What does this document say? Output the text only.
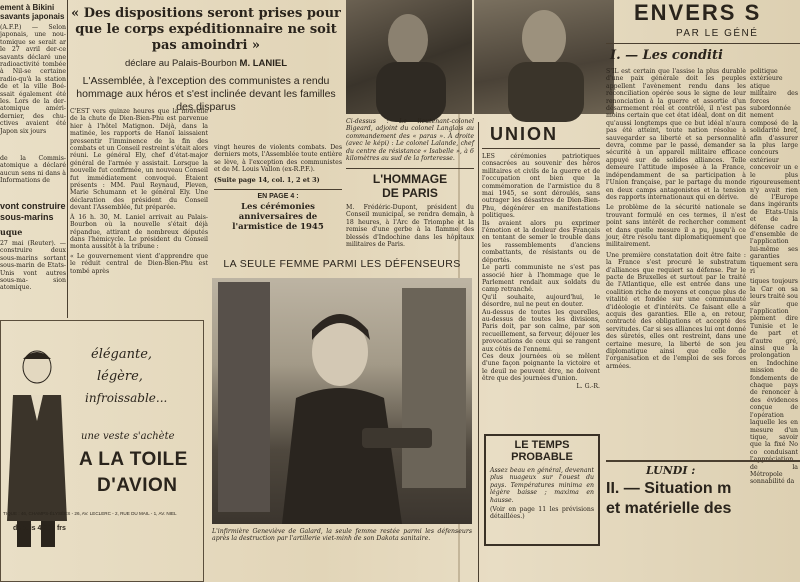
ement à Bikini
savants japonais
(A.F.P.) — Selon japonais, une nou-tomique se serait ar le 27 avril der-ce savants déclaré une radioactivité tombée à Nil-se certaine radio-qu'à la station de et la ville Boé-ssait également été les. Lors de la der-atomique améri-dernier, des chu-ctives avaient été Japon six jours
de la Commis-atomique a déclaré aucun sens ni dans à Informations de
vont construire sous-marins
uque
27 mai (Reuter). — construire deux sous-marins sortant sous-marin de Etats-Unis vont autres sous-ma- sion atomique.
« Des dispositions seront prises pour que le corps expéditionnaire ne soit pas amoindri »
déclare au Palais-Bourbon M. LANIEL
L'Assemblée, à l'exception des communistes a rendu hommage aux héros et s'est inclinée devant les familles des disparus
C'EST vers quinze heures que la nouvelle de la chute de Dien-Bien-Phu est parvenue hier à l'hôtel Matignon. Déjà, dans la matinée, les rapports de Hanoï laissaient pressentir l'imminence de la fin des combats et un Conseil restreint s'était alors réuni. Le général Ely, chef d'état-major général de l'armée y assistait. Lorsque la nouvelle fut confirmée, un nouveau Conseil fut immédiatement convoqué. Étaient présents : MM. Paul Reynaud, Pleven, Marie Schumann et le général Ely. Une déclaration des président du Conseil devant l'Assemblée, fut préparée.
À 16 h. 30, M. Laniel arrivait au Palais-Bourbon où la nouvelle s'était déjà répandue, attirant de nombreux députés dans l'hémicycle. Le président du Conseil monta aussitôt à la tribune :
« Le gouvernement vient d'apprendre que le réduit central de Dien-Bien-Phu est tombé après
vingt heures de violents combats. Des derniers mots, l'Assemblée toute entière se lève, à l'exception des communistes et de M. Louis Vallon (ex-R.P.F.).
(Suite page 14, col. 1, 2 et 3)
EN PAGE 4 :
Les cérémonies anniversaires de l'armistice de 1945
Ci-dessus : Le lieutenant-colonel Bigeard, adjoint du colonel Langlais au commandement des « paras ». À droite (avec le képi) : Le colonel Lalande, chef du centre de résistance « Isabelle », à 6 kilomètres au sud de la forteresse.
L'HOMMAGE
DE PARIS
M. Frédéric-Dupont, président du Conseil municipal, se rendra demain, à 18 heures, à l'Arc de Triomphe et la remise d'une gerbe à la flamme des blessés d'Indochine dans les hôpitaux militaires de Paris.
LA SEULE FEMME PARMI LES DÉFENSEURS
L'infirmière Geneviève de Galard, la seule femme restée parmi les défenseurs après la destruction par l'artillerie viet-minh de son Dakota sanitaire.
élégante,
légère,
infroissable...
une veste s'achète
A LA TOILE
D'AVION
TIQUE : 46, CHAMPS-ÉLYSÉES - 26, AV. LECLERC - 2, RUE DU MAIL - 1, AV. NIEL
depuis 4.200 frs
UNION
LES cérémonies patriotiques consacrées au souvenir des héros militaires et civils de la guerre et de l'occupation ont bien que la commémoration de l'armistice du 8 mai 1945, se sont déroulés, sans outrager les désastres de Dien-Bien-Phu, dégénérer en manifestations politiques.
Ils avaient alors pu exprimer l'émotion et la douleur des Français en tentant de semer le trouble dans les rassemblements d'anciens combattants, de résistants ou de déportés.
Le parti communiste ne s'est pas associé hier à l'hommage que le Parlement rendait aux soldats du camp retranché.
Qu'il souhaite, aujourd'hui, le désordre, nul ne peut en douter.
Au-dessus de toutes les querelles, au-dessus de toutes les divisions, Paris doit, par son calme, par son recueillement, sa ferveur, déjouer les provocations de ceux qui se rangent aux côtés de l'ennemi.
Ces deux journées où se mêlent d'une façon poignante la victoire et le deuil ne peuvent être, ne doivent être que des journées d'union.
L. G.-R.
LE TEMPS
PROBABLE
Assez beau en général, devenant plus nuageux sur l'ouest du pays. Températures minima en légère baisse ; maxima en hausse.
(Voir en page 11 les prévisions détaillées.)
ENVERS S
PAR LE GÉNÉ
I. — Les conditi
S'IL est certain que l'assise la plus durable d'une paix générale doit les peuples appellent l'avènement rendu dans les réconciliation opérée sous le signe de leur renonciation à la guerre et assortie d'un désarmement réel et contrôlé, il n'est pas moins certain que cet état idéal, dont on dit qu'aussi longtemps que ce but idéal n'aura pas été atteint, toute nation résolue à sauvegarder sa liberté et sa personnalité devra, comme par le passé, demander sa sécurité à un appareil militaire efficace appuyé sur de solides alliances. Telle demeure l'attitude imposée à la France, indépendamment de sa participation à l'Union française, par le partage du monde en deux camps antagonistes et la tension des rapports internationaux qui en dérive.
Le problème de la sécurité nationale se trouvant formulé en ces termes, il n'est point sans intérêt de rechercher comment et dans quelle mesure il a pu, jusqu'à ce jour, être résolu tant diplomatiquement que militairement.
Une première constatation doit être faite : la France s'est procuré le substratum d'alliances que requiert sa défense. Par le pacte de Bruxelles et surtout par le traité de l'Atlantique, elle est entrée dans une coalition riche de moyens et conçue plus de vitalité et fondée sur une communauté d'idéologie et d'intérêts. Ce faisant elle a acquis des garanties. Elle a, en retour, contracté des obligations et accepté des servitudes. Car si ses alliances lui ont donné des sûretés, elles ont restreint, dans une certaine mesure, la liberté de son jeu diplomatique ainsi que celle de l'organisation et de l'emploi de ses forces armées.
politique extérieure atique militaire des forces subordonnée nement composé de la solidarité bref, afin d'assurer la plus large concours extérieur concevoir un e le plus rigoureusement n'y avait rien de l'Europe dans ingérants de Etats-Unis et de la défense cadre d'ensemble de l'application lui-même ses garanties tiquement sera ri
tiques toujours la Car on sa leurs traité sou sûr que l'application plement dire Tunisie et le de part et d'autre gré, ainsi que la prolongation en Indochine mission de fondements de chaque pays de renoncer à des évidences conçue de l'opération laquelle les en mesure d'un tique, savoir que la fixé No co conduisant de la Métropole sonnabilité da
LUNDI :
II. — Situation m
et matérielle des
